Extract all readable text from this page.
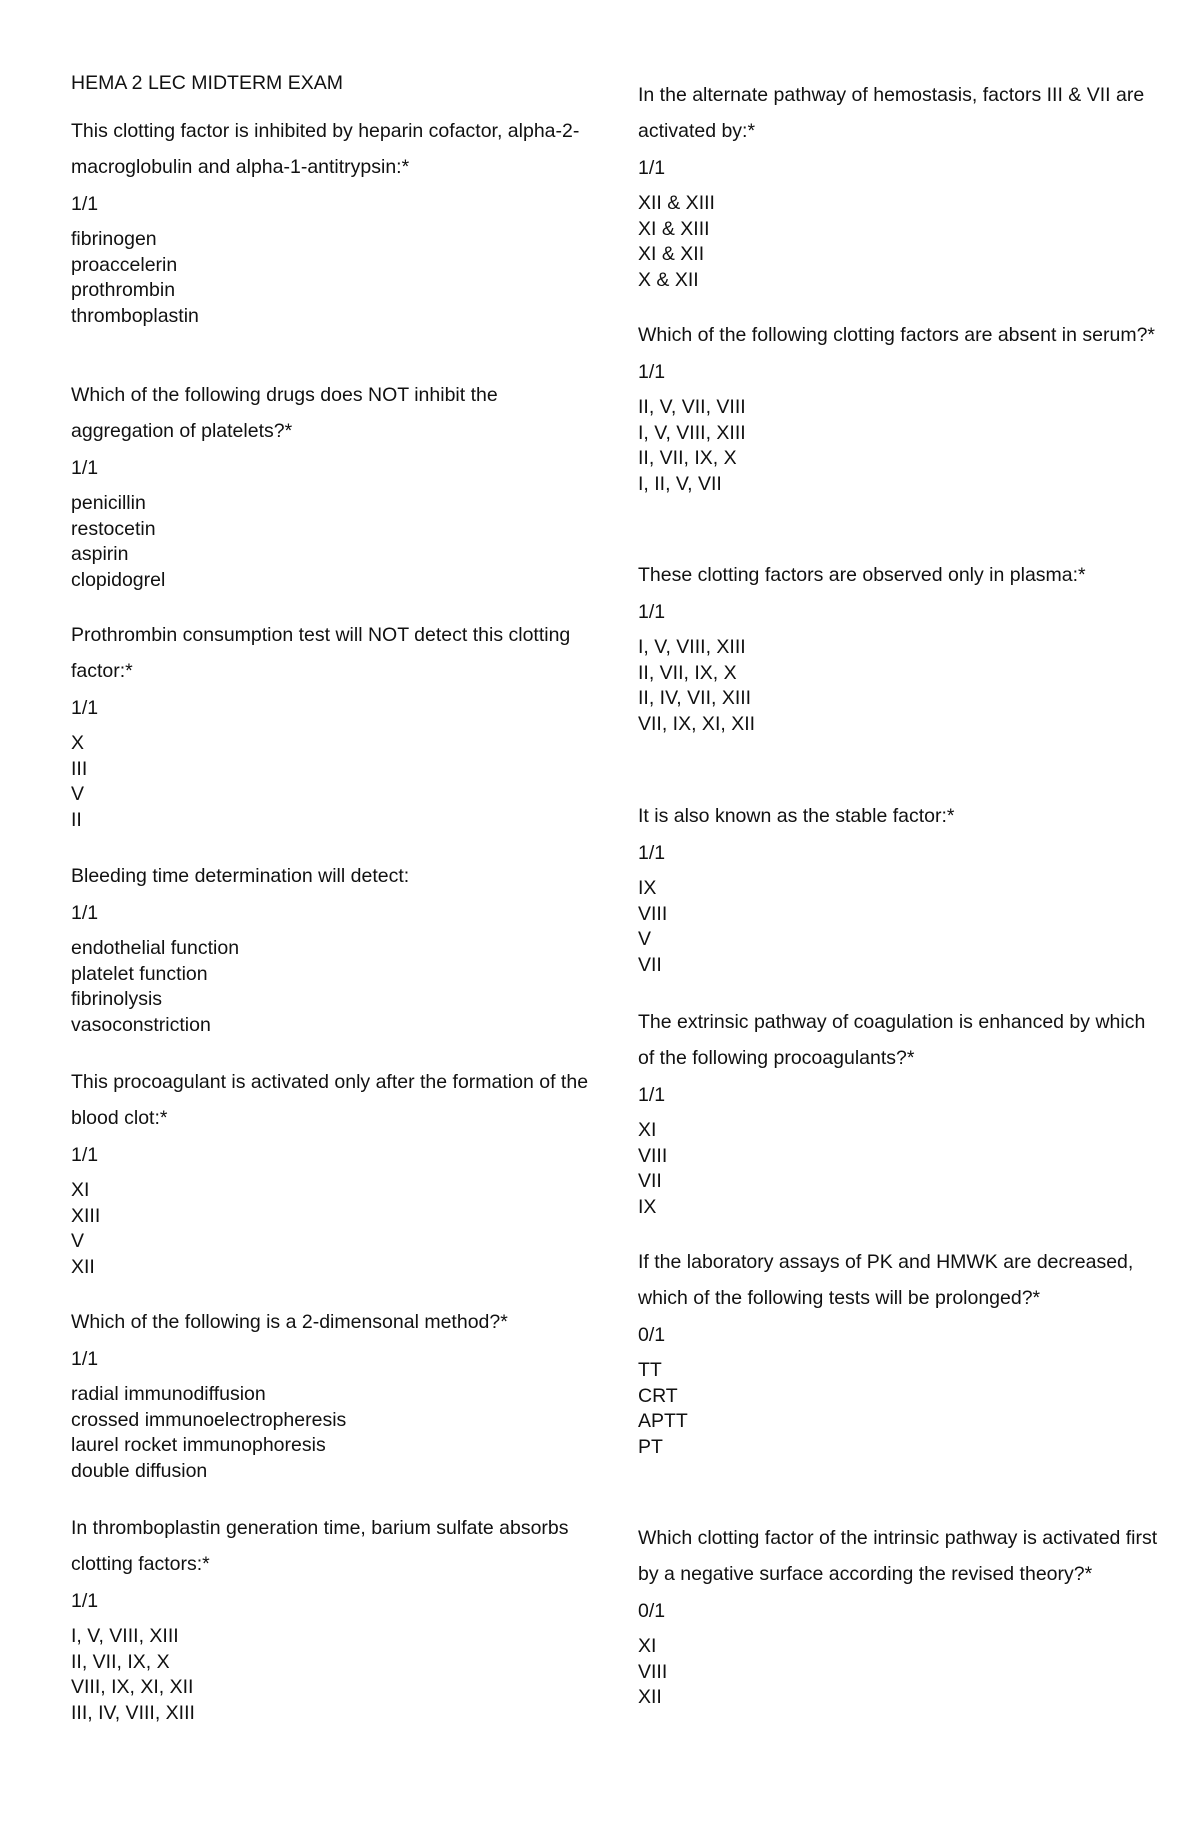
HEMA 2 LEC MIDTERM EXAM
This clotting factor is inhibited by heparin cofactor, alpha-2-macroglobulin and alpha-1-antitrypsin:*
1/1
fibrinogen
proaccelerin
prothrombin
thromboplastin
Which of the following drugs does NOT inhibit the aggregation of platelets?*
1/1
penicillin
restocetin
aspirin
clopidogrel
Prothrombin consumption test will NOT detect this clotting factor:*
1/1
X
III
V
II
Bleeding time determination will detect:
1/1
endothelial function
platelet function
fibrinolysis
vasoconstriction
This procoagulant is activated only after the formation of the blood clot:*
1/1
XI
XIII
V
XII
Which of the following is a 2-dimensonal method?*
1/1
radial immunodiffusion
crossed immunoelectropheresis
laurel rocket immunophoresis
double diffusion
In thromboplastin generation time, barium sulfate absorbs clotting factors:*
1/1
I, V, VIII, XIII
II, VII, IX, X
VIII, IX, XI, XII
III, IV, VIII, XIII
In the alternate pathway of hemostasis, factors III & VII are activated by:*
1/1
XII & XIII
XI & XIII
XI & XII
X & XII
Which of the following clotting factors are absent in serum?*
1/1
II, V, VII, VIII
I, V, VIII, XIII
II, VII, IX, X
I, II, V, VII
These clotting factors are observed only in plasma:*
1/1
I, V, VIII, XIII
II, VII, IX, X
II, IV, VII, XIII
VII, IX, XI, XII
It is also known as the stable factor:*
1/1
IX
VIII
V
VII
The extrinsic pathway of coagulation is enhanced by which of the following procoagulants?*
1/1
XI
VIII
VII
IX
If the laboratory assays of PK and HMWK are decreased, which of the following tests will be prolonged?*
0/1
TT
CRT
APTT
PT
Which clotting factor of the intrinsic pathway is activated first by a negative surface according the revised theory?*
0/1
XI
VIII
XII
